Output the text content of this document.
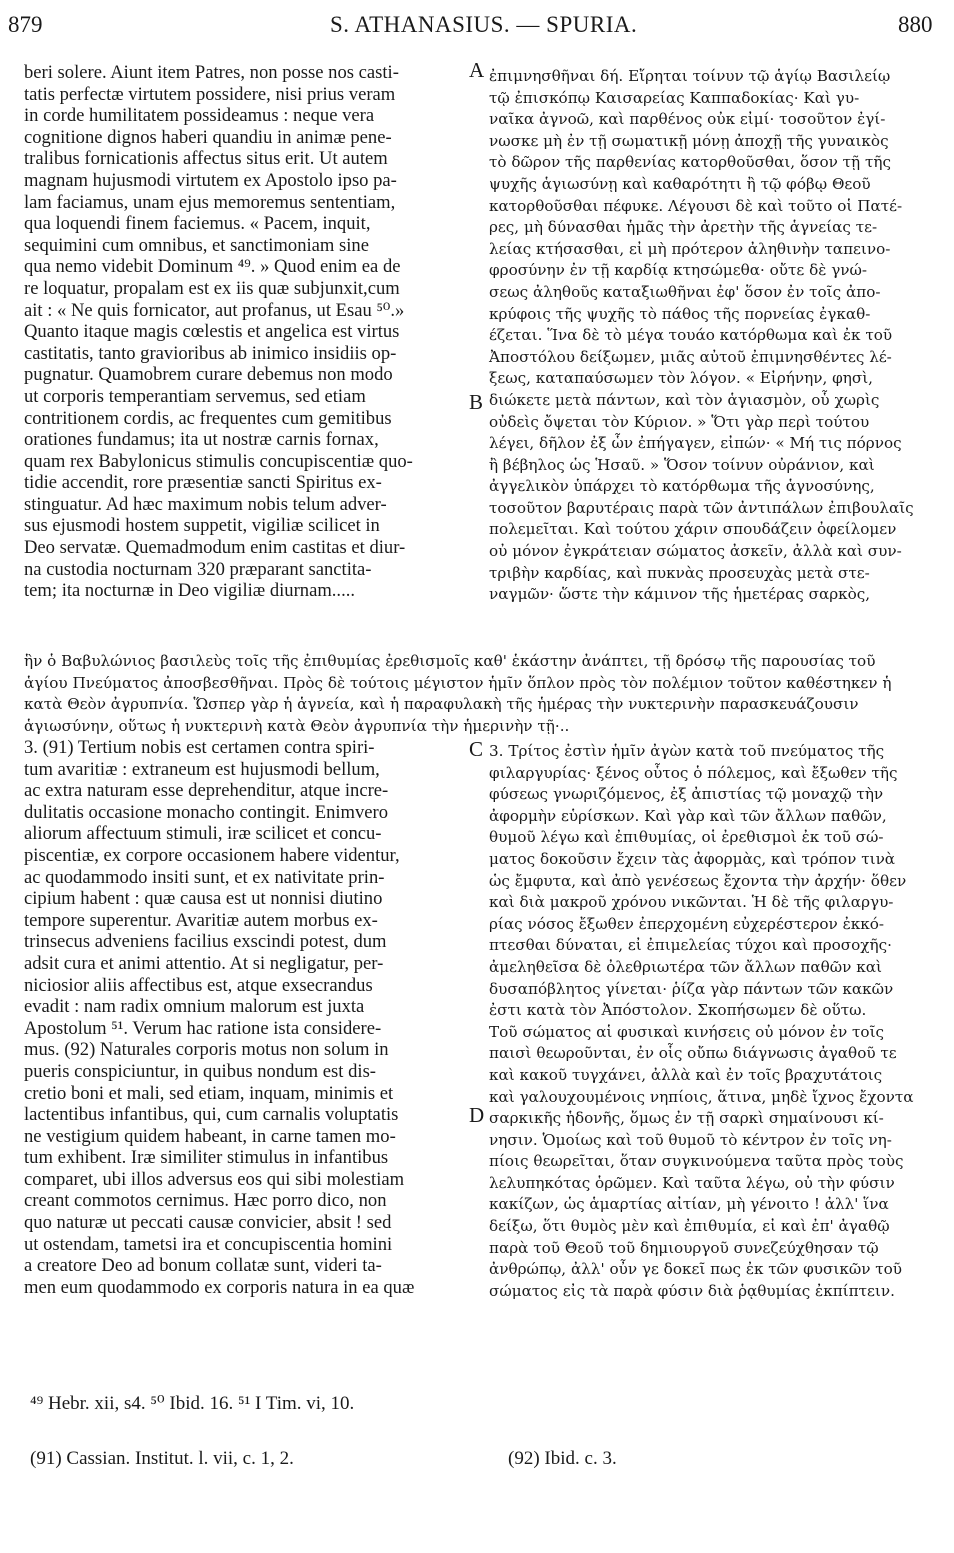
879	S. ATHANASIUS. — SPURIA.	880
beri solere. Aiunt item Patres, non posse nos casti-
tatis perfectæ virtutem possidere, nisi prius veram
in corde humilitatem possideamus : neque vera
cognitione dignos haberi quandiu in animæ pene-
tralibus fornicationis affectus situs erit. Ut autem
magnam hujusmodi virtutem ex Apostolo ipso pa-
lam faciamus, unam ejus memoremus sententiam,
qua loquendi finem faciemus. « Pacem, inquit,
sequimini cum omnibus, et sanctimoniam sine
qua nemo videbit Dominum ⁴⁹. » Quod enim ea de
re loquatur, propalam est ex iis quæ subjunxit,cum
ait : « Ne quis fornicator, aut profanus, ut Esau ⁵⁰.»
Quanto itaque magis cœlestis et angelica est virtus
castitatis, tanto gravioribus ab inimico insidiis op-
pugnatur. Quamobrem curare debemus non modo
ut corporis temperantiam servemus, sed etiam
contritionem cordis, ac frequentes cum gemitibus
orationes fundamus; ita ut nostræ carnis fornax,
quam rex Babylonicus stimulis concupiscentiæ quo-
tidie accendit, rore præsentiæ sancti Spiritus ex-
stinguatur. Ad hæc maximum nobis telum adver-
sus ejusmodi hostem suppetit, vigiliæ scilicet in
Deo servatæ. Quemadmodum enim castitas et diur-
na custodia nocturnam 320 præparant sanctita-
tem; ita nocturnæ in Deo vigiliæ diurnam.....
ἐπιμνησθῆναι δή. Εἴρηται τοίνυν τῷ ἁγίῳ Βασιλείῳ
τῷ ἐπισκόπῳ Καισαρείας Καππαδοκίας· Καὶ γυ-
ναῖκα ἀγνοῶ, καὶ παρθένος οὐκ εἰμί· τοσοῦτον ἐγί-
νωσκε μὴ ἐν τῇ σωματικῇ μόνῃ ἀποχῇ τῆς γυναικὸς
τὸ δῶρον τῆς παρθενίας κατορθοῦσθαι, ὅσον τῇ τῆς
ψυχῆς ἁγιωσύνῃ καὶ καθαρότητι ἢ τῷ φόβῳ Θεοῦ
κατορθοῦσθαι πέφυκε. Λέγουσι δὲ καὶ τοῦτο οἱ Πατέ-
ρες, μὴ δύνασθαι ἡμᾶς τὴν ἀρετὴν τῆς ἁγνείας τε-
λείας κτήσασθαι, εἰ μὴ πρότερον ἀληθινὴν ταπεινο-
φροσύνην ἐν τῇ καρδίᾳ κτησώμεθα· οὔτε δὲ γνώ-
σεως ἀληθοῦς καταξιωθῆναι ἐφ' ὅσον ἐν τοῖς ἀπο-
κρύφοις τῆς ψυχῆς τὸ πάθος τῆς πορνείας ἐγκαθ-
έζεται. Ἵνα δὲ τὸ μέγα τουάο κατόρθωμα καὶ ἐκ τοῦ
Ἀποστόλου δείξωμεν, μιᾶς αὐτοῦ ἐπιμνησθέντες λέ-
ξεως, καταπαύσωμεν τὸν λόγον. « Εἰρήνην, φησὶ,
διώκετε μετὰ πάντων, καὶ τὸν ἁγιασμὸν, οὗ χωρὶς
οὐδεὶς ὄψεται τὸν Κύριον. » Ὅτι γὰρ περὶ τούτου
λέγει, δῆλον ἐξ ὧν ἐπήγαγεν, εἰπών· « Μή τις πόρνος
ἢ βέβηλος ὡς Ἡσαῦ. » Ὅσον τοίνυν οὐράνιον, καὶ
ἀγγελικὸν ὑπάρχει τὸ κατόρθωμα τῆς ἁγνοσύνης,
τοσοῦτον βαρυτέραις παρὰ τῶν ἀντιπάλων ἐπιβουλαῖς
πολεμεῖται. Καὶ τούτου χάριν σπουδάζειν ὀφείλομεν
οὐ μόνον ἐγκράτειαν σώματος ἀσκεῖν, ἀλλὰ καὶ συν-
τριβὴν καρδίας, καὶ πυκνὰς προσευχὰς μετὰ στε-
ναγμῶν· ὥστε τὴν κάμινον τῆς ἡμετέρας σαρκὸς,
ἣν ὁ Βαβυλώνιος βασιλεὺς τοῖς τῆς ἐπιθυμίας ἐρεθισμοῖς καθ' ἑκάστην ἀνάπτει, τῇ δρόσῳ τῆς παρουσίας τοῦ
ἁγίου Πνεύματος ἀποσβεσθῆναι. Πρὸς δὲ τούτοις μέγιστον ἡμῖν ὅπλον πρὸς τὸν πολέμιον τοῦτον καθέστηκεν ἡ
κατὰ Θεὸν ἀγρυπνία. Ὥσπερ γὰρ ἡ ἁγνεία, καὶ ἡ παραφυλακὴ τῆς ἡμέρας τὴν νυκτερινὴν παρασκευάζουσιν
ἁγιωσύνην, οὕτως ἡ νυκτερινὴ κατὰ Θεὸν ἀγρυπνία τὴν ἡμερινὴν τῇ·..
3. (91) Tertium nobis est certamen contra spiri-
tum avaritiæ : extraneum est hujusmodi bellum,
ac extra naturam esse deprehenditur, atque incre-
dulitatis occasione monacho contingit. Enimvero
aliorum affectuum stimuli, iræ scilicet et concu-
piscentiæ, ex corpore occasionem habere videntur,
ac quodammodo insiti sunt, et ex nativitate prin-
cipium habent : quæ causa est ut nonnisi diutino
tempore superentur. Avaritiæ autem morbus ex-
trinsecus adveniens facilius exscindi potest, dum
adsit cura et animi attentio. At si negligatur, per-
niciosior aliis affectibus est, atque exsecrandus
evadit : nam radix omnium malorum est juxta
Apostolum ⁵¹. Verum hac ratione ista considere-
mus. (92) Naturales corporis motus non solum in
pueris conspiciuntur, in quibus nondum est dis-
cretio boni et mali, sed etiam, inquam, minimis et
lactentibus infantibus, qui, cum carnalis voluptatis
ne vestigium quidem habeant, in carne tamen mo-
tum exhibent. Iræ similiter stimulus in infantibus
comparet, ubi illos adversus eos qui sibi molestiam
creant commotos cernimus. Hæc porro dico, non
quo naturæ ut peccati causæ convicier, absit ! sed
ut ostendam, tametsi ira et concupiscentia homini
a creatore Deo ad bonum collatæ sunt, videri ta-
men eum quodammodo ex corporis natura in ea quæ
3. Τρίτος ἐστὶν ἡμῖν ἀγὼν κατὰ τοῦ πνεύματος τῆς
φιλαργυρίας· ξένος οὗτος ὁ πόλεμος, καὶ ἔξωθεν τῆς
φύσεως γνωριζόμενος, ἐξ ἀπιστίας τῷ μοναχῷ τὴν
ἀφορμὴν εὑρίσκων. Καὶ γὰρ καὶ τῶν ἄλλων παθῶν,
θυμοῦ λέγω καὶ ἐπιθυμίας, οἱ ἐρεθισμοὶ ἐκ τοῦ σώ-
ματος δοκοῦσιν ἔχειν τὰς ἀφορμὰς, καὶ τρόπον τινὰ
ὡς ἔμφυτα, καὶ ἀπὸ γενέσεως ἔχοντα τὴν ἀρχήν· ὅθεν
καὶ διὰ μακροῦ χρόνου νικῶνται. Ἡ δὲ τῆς φιλαργυ-
ρίας νόσος ἔξωθεν ἐπερχομένη εὐχερέστερον ἐκκό-
πτεσθαι δύναται, εἰ ἐπιμελείας τύχοι καὶ προσοχῆς·
ἀμεληθεῖσα δὲ ὀλεθριωτέρα τῶν ἄλλων παθῶν καὶ
δυσαπόβλητος γίνεται· ῥίζα γὰρ πάντων τῶν κακῶν
ἐστι κατὰ τὸν Ἀπόστολον. Σκοπήσωμεν δὲ οὕτω.
Τοῦ σώματος αἱ φυσικαὶ κινήσεις οὐ μόνον ἐν τοῖς
παισὶ θεωροῦνται, ἐν οἷς οὔπω διάγνωσις ἀγαθοῦ τε
καὶ κακοῦ τυγχάνει, ἀλλὰ καὶ ἐν τοῖς βραχυτάτοις
καὶ γαλουχουμένοις νηπίοις, ἅτινα, μηδὲ ἴχνος ἔχοντα
σαρκικῆς ἡδονῆς, ὅμως ἐν τῇ σαρκὶ σημαίνουσι κί-
νησιν. Ὁμοίως καὶ τοῦ θυμοῦ τὸ κέντρον ἐν τοῖς νη-
πίοις θεωρεῖται, ὅταν συγκινούμενα ταῦτα πρὸς τοὺς
λελυπηκότας ὁρῶμεν. Καὶ ταῦτα λέγω, οὐ τὴν φύσιν
κακίζων, ὡς ἁμαρτίας αἰτίαν, μὴ γένοιτο ! ἀλλ' ἵνα
δείξω, ὅτι θυμὸς μὲν καὶ ἐπιθυμία, εἰ καὶ ἐπ' ἀγαθῷ
παρὰ τοῦ Θεοῦ τοῦ δημιουργοῦ συνεζεύχθησαν τῷ
ἀνθρώπῳ, ἀλλ' οὖν γε δοκεῖ πως ἐκ τῶν φυσικῶν τοῦ
σώματος εἰς τὰ παρὰ φύσιν διὰ ῥᾳθυμίας ἐκπίπτειν.
A
B
C
D
⁴⁹ Hebr. xii, s4. ⁵⁰ Ibid. 16. ⁵¹ I Tim. vi, 10.
(91) Cassian. Institut. l. vii, c. 1, 2.	(92) Ibid. c. 3.
